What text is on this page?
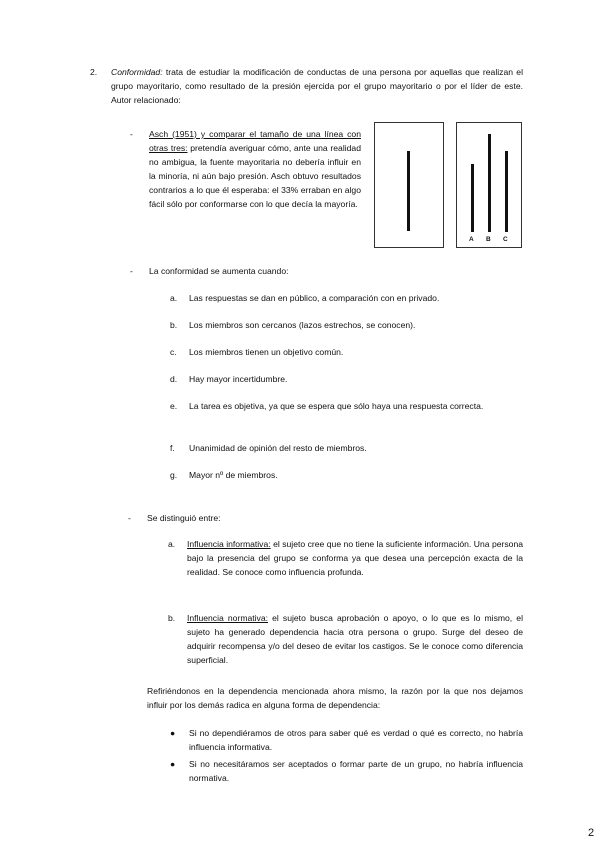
2. Conformidad: trata de estudiar la modificación de conductas de una persona por aquellas que realizan el grupo mayoritario, como resultado de la presión ejercida por el grupo mayoritario o por el líder de este. Autor relacionado:
- Asch (1951) y comparar el tamaño de una línea con otras tres: pretendía averiguar cómo, ante una realidad no ambigua, la fuente mayoritaria no debería influir en la minoría, ni aún bajo presión. Asch obtuvo resultados contrarios a lo que él esperaba: el 33% erraban en algo fácil sólo por conformarse con lo que decía la mayoría.
A B C
- La conformidad se aumenta cuando:
a. Las respuestas se dan en público, a comparación con en privado.
b. Los miembros son cercanos (lazos estrechos, se conocen).
c. Los miembros tienen un objetivo común.
d. Hay mayor incertidumbre.
e. La tarea es objetiva, ya que se espera que sólo haya una respuesta correcta.
f. Unanimidad de opinión del resto de miembros.
g. Mayor nº de miembros.
- Se distinguió entre:
a. Influencia informativa: el sujeto cree que no tiene la suficiente información. Una persona bajo la presencia del grupo se conforma ya que desea una percepción exacta de la realidad. Se conoce como influencia profunda.
b. Influencia normativa: el sujeto busca aprobación o apoyo, o lo que es lo mismo, el sujeto ha generado dependencia hacia otra persona o grupo. Surge del deseo de adquirir recompensa y/o del deseo de evitar los castigos. Se le conoce como diferencia superficial.
Refiriéndonos en la dependencia mencionada ahora mismo, la razón por la que nos dejamos influir por los demás radica en alguna forma de dependencia:
● Si no dependiéramos de otros para saber qué es verdad o qué es correcto, no habría influencia informativa.
● Si no necesitáramos ser aceptados o formar parte de un grupo, no habría influencia normativa.
2
